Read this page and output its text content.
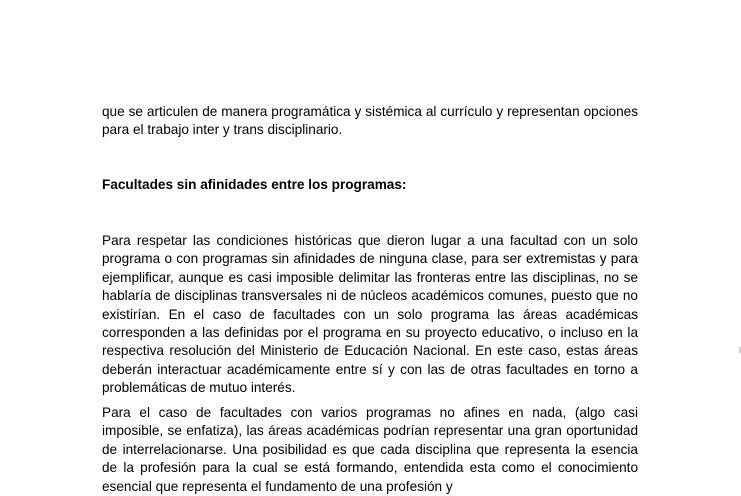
que se articulen de manera programática y sistémica al currículo y representan opciones para el trabajo inter y trans disciplinario.

Facultades sin afinidades entre los programas:

Para respetar las condiciones históricas que dieron lugar a una facultad con un solo programa o con programas sin afinidades de ninguna clase, para ser extremistas y para ejemplificar, aunque es casi imposible delimitar las fronteras entre las disciplinas, no se hablaría de disciplinas transversales ni de núcleos académicos comunes, puesto que no existirían. En el caso de facultades con un solo programa las áreas académicas corresponden a las definidas por el programa en su proyecto educativo, o incluso en la respectiva resolución del Ministerio de Educación Nacional. En este caso, estas áreas deberán interactuar académicamente entre sí y con las de otras facultades en torno a problemáticas de mutuo interés.

Para el caso de facultades con varios programas no afines en nada, (algo casi imposible, se enfatiza), las áreas académicas podrían representar una gran oportunidad de interrelacionarse. Una posibilidad es que cada disciplina que representa la esencia de la profesión para la cual se está formando, entendida esta como el conocimiento esencial que representa el fundamento de una profesión y
